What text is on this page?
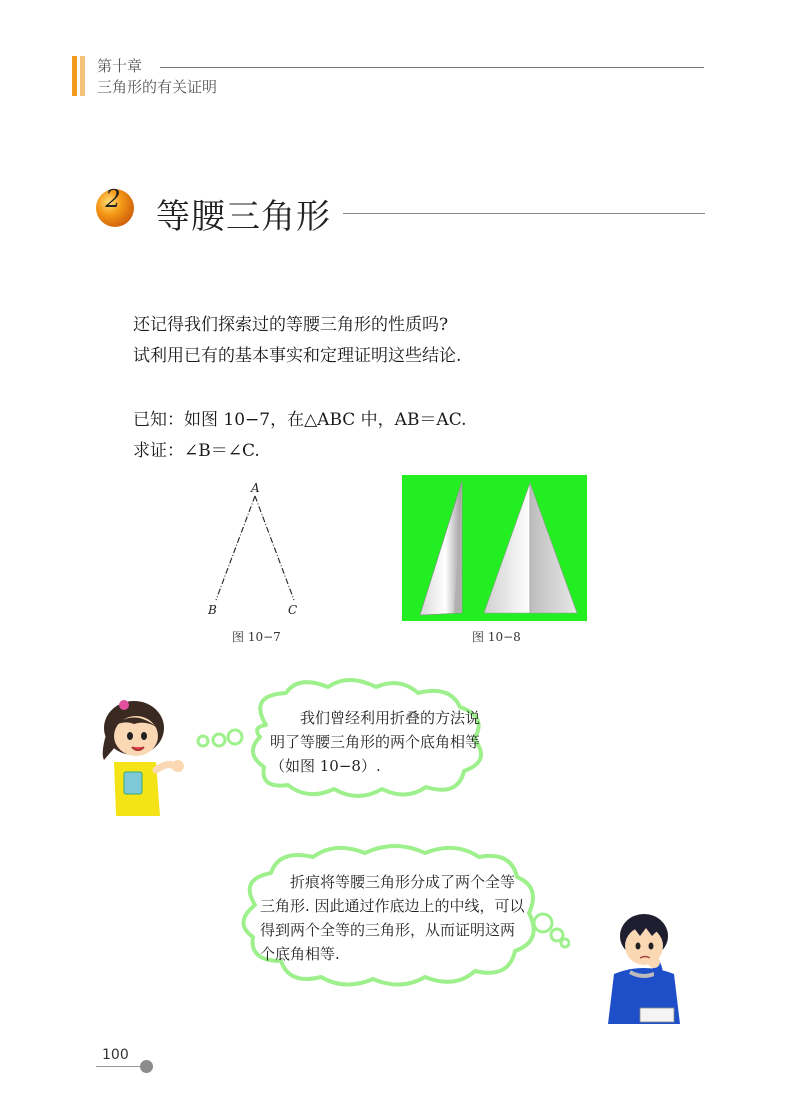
第十章
三角形的有关证明
2 等腰三角形
还记得我们探索过的等腰三角形的性质吗?
试利用已有的基本事实和定理证明这些结论.
已知：如图 10−7，在△ABC 中，AB＝AC.
求证：∠B＝∠C.
A
B	C
图 10−7	图 10−8
我们曾经利用折叠的方法说明了等腰三角形的两个底角相等（如图 10−8）.
折痕将等腰三角形分成了两个全等三角形. 因此通过作底边上的中线，可以得到两个全等的三角形，从而证明这两个底角相等.
100
